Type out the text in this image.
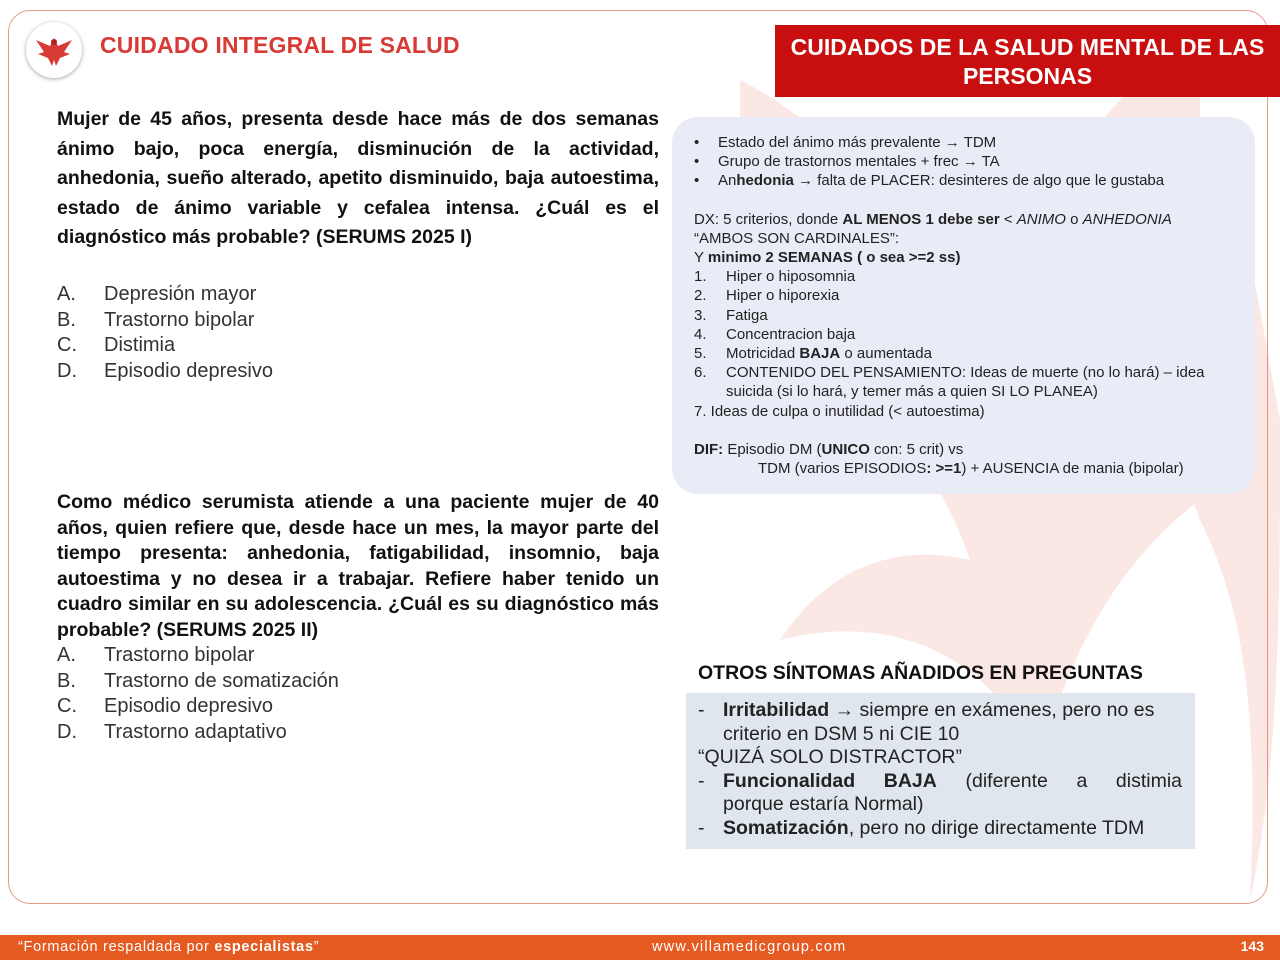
CUIDADO INTEGRAL DE SALUD	CUIDADOS DE LA SALUD MENTAL DE LAS PERSONAS
Mujer de 45 años, presenta desde hace más de dos semanas ánimo bajo, poca energía, disminución de la actividad, anhedonia, sueño alterado, apetito disminuido, baja autoestima, estado de ánimo variable y cefalea intensa. ¿Cuál es el diagnóstico más probable? (SERUMS 2025 I)
A.	Depresión mayor
B.	Trastorno bipolar
C.	Distimia
D.	Episodio depresivo
Como médico serumista atiende a una paciente mujer de 40 años, quien refiere que, desde hace un mes, la mayor parte del tiempo presenta: anhedonia, fatigabilidad, insomnio, baja autoestima y no desea ir a trabajar. Refiere haber tenido un cuadro similar en su adolescencia. ¿Cuál es su diagnóstico más probable? (SERUMS 2025 II)
A.	Trastorno bipolar
B.	Trastorno de somatización
C.	Episodio depresivo
D.	Trastorno adaptativo
•	Estado del ánimo más prevalente → TDM
•	Grupo de trastornos mentales + frec → TA
•	Anhedonia → falta de PLACER: desinteres de algo que le gustaba
DX: 5 criterios, donde AL MENOS 1 debe ser < ANIMO o ANHEDONIA
“AMBOS SON CARDINALES”:
Y minimo 2 SEMANAS ( o sea >=2 ss)
1.	Hiper o hiposomnia
2.	Hiper o hiporexia
3.	Fatiga
4.	Concentracion baja
5.	Motricidad BAJA o aumentada
6.	CONTENIDO DEL PENSAMIENTO: Ideas de muerte (no lo hará) – idea suicida (si lo hará, y temer más a quien SI LO PLANEA)
7. Ideas de culpa o inutilidad (< autoestima)
DIF: Episodio DM (UNICO con: 5 crit) vs
TDM (varios EPISODIOS: >=1) + AUSENCIA de mania (bipolar)
OTROS SÍNTOMAS AÑADIDOS EN PREGUNTAS
- Irritabilidad → siempre en exámenes, pero no es
criterio en DSM 5 ni CIE 10
“QUIZÁ SOLO DISTRACTOR”
- Funcionalidad BAJA (diferente a distimia
porque estaría Normal)
- Somatización, pero no dirige directamente TDM
“Formación respaldada por especialistas”	www.villamedicgroup.com	143
